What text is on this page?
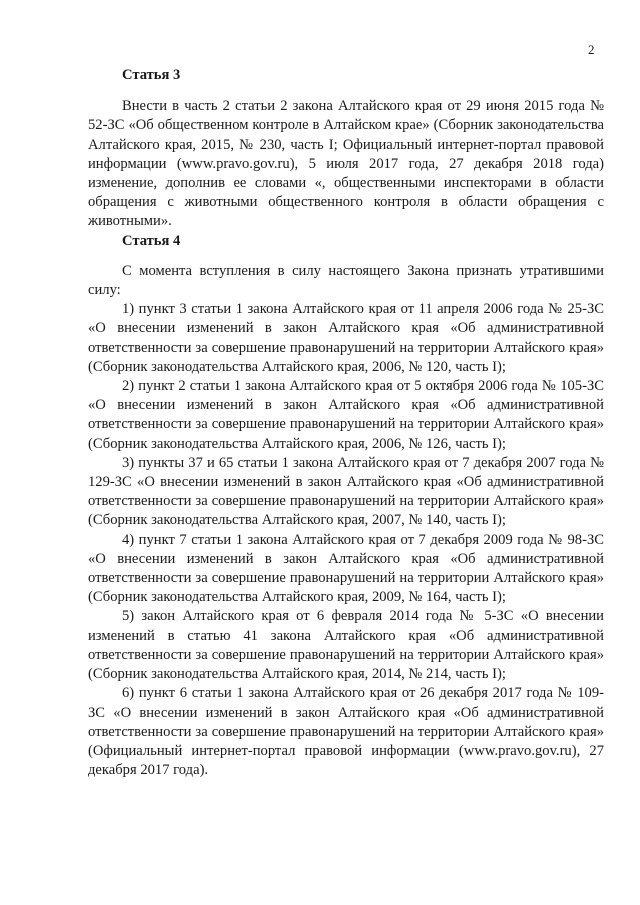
2
Статья 3

Внести в часть 2 статьи 2 закона Алтайского края от 29 июня 2015 года № 52-ЗС «Об общественном контроле в Алтайском крае» (Сборник законодательства Алтайского края, 2015, № 230, часть I; Официальный интернет-портал правовой информации (www.pravo.gov.ru), 5 июля 2017 года, 27 декабря 2018 года) изменение, дополнив ее словами «, общественными инспекторами в области обращения с животными общественного контроля в области обращения с животными».

Статья 4

С момента вступления в силу настоящего Закона признать утратившими силу:

1) пункт 3 статьи 1 закона Алтайского края от 11 апреля 2006 года № 25-ЗС «О внесении изменений в закон Алтайского края «Об административной ответственности за совершение правонарушений на территории Алтайского края» (Сборник законодательства Алтайского края, 2006, № 120, часть I);
2) пункт 2 статьи 1 закона Алтайского края от 5 октября 2006 года № 105-ЗС «О внесении изменений в закон Алтайского края «Об административной ответственности за совершение правонарушений на территории Алтайского края» (Сборник законодательства Алтайского края, 2006, № 126, часть I);
3) пункты 37 и 65 статьи 1 закона Алтайского края от 7 декабря 2007 года № 129-ЗС «О внесении изменений в закон Алтайского края «Об административной ответственности за совершение правонарушений на территории Алтайского края» (Сборник законодательства Алтайского края, 2007, № 140, часть I);
4) пункт 7 статьи 1 закона Алтайского края от 7 декабря 2009 года № 98-ЗС «О внесении изменений в закон Алтайского края «Об административной ответственности за совершение правонарушений на территории Алтайского края» (Сборник законодательства Алтайского края, 2009, № 164, часть I);
5) закон Алтайского края от 6 февраля 2014 года № 5-ЗС «О внесении изменений в статью 41 закона Алтайского края «Об административной ответственности за совершение правонарушений на территории Алтайского края» (Сборник законодательства Алтайского края, 2014, № 214, часть I);
6) пункт 6 статьи 1 закона Алтайского края от 26 декабря 2017 года № 109-ЗС «О внесении изменений в закон Алтайского края «Об административной ответственности за совершение правонарушений на территории Алтайского края» (Официальный интернет-портал правовой информации (www.pravo.gov.ru), 27 декабря 2017 года).
